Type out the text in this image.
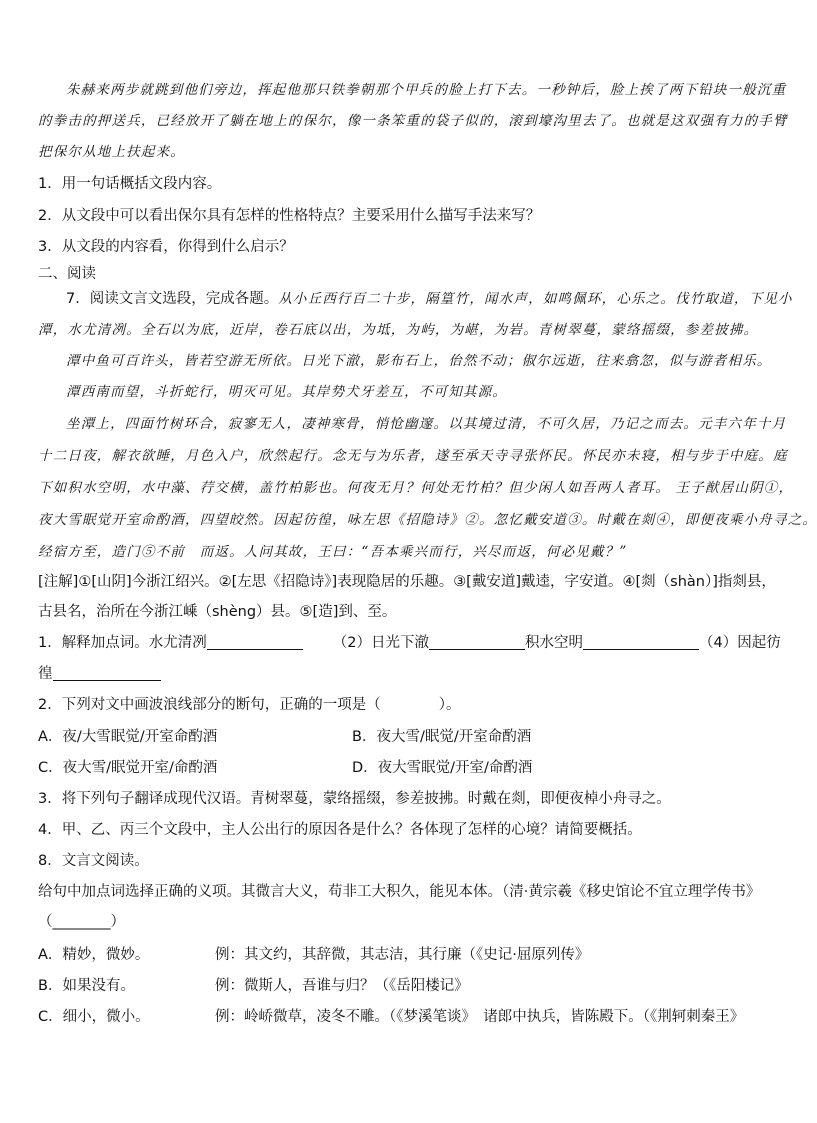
朱赫来两步就跳到他们旁边，挥起他那只铁拳朝那个甲兵的脸上打下去。一秒钟后，脸上挨了两下铅块一般沉重
的拳击的押送兵，已经放开了躺在地上的保尔，像一条笨重的袋子似的，滚到壕沟里去了。也就是这双强有力的手臂
把保尔从地上扶起来。
1．用一句话概括文段内容。
2．从文段中可以看出保尔具有怎样的性格特点？主要采用什么描写手法来写？
3．从文段的内容看，你得到什么启示？
二、阅读
7．阅读文言文选段，完成各题。从小丘西行百二十步，隔篁竹，闻水声，如鸣佩环，心乐之。伐竹取道，下见小
潭，水尤清冽。全石以为底，近岸，卷石底以出，为坻，为屿，为嵁，为岩。青树翠蔓，蒙络摇缀，参差披拂。
潭中鱼可百许头，皆若空游无所依。日光下澈，影布石上，佁然不动；俶尔远逝，往来翕忽，似与游者相乐。
潭西南而望，斗折蛇行，明灭可见。其岸势犬牙差互，不可知其源。
坐潭上，四面竹树环合，寂寥无人，凄神寒骨，悄怆幽邃。以其境过清，不可久居，乃记之而去。元丰六年十月
十二日夜，解衣欲睡，月色入户，欣然起行。念无与为乐者，遂至承天寺寻张怀民。怀民亦未寝，相与步于中庭。庭
下如积水空明，水中藻、荇交横，盖竹柏影也。何夜无月？何处无竹柏？但少闲人如吾两人者耳。 王子猷居山阴①，
夜大雪眠觉开室命酌酒，四望皎然。因起彷徨，咏左思《招隐诗》②。忽忆戴安道③。时戴在剡④，即便夜乘小舟寻之。
经宿方至，造门⑤不前　而返。人问其故，王曰：“吾本乘兴而行，兴尽而返，何必见戴？”
[注解]①[山阴]今浙江绍兴。②[左思《招隐诗》]表现隐居的乐趣。③[戴安道]戴逵，字安道。④[剡（shàn）]指剡县，
古县名，治所在今浙江嵊（shèng）县。⑤[造]到、至。
1．解释加点词。水尤清冽	（2）日光下澈	积水空明	（4）因起彷
徨
2．下列对文中画波浪线部分的断句，正确的一项是（　　　　）。
A．夜/大雪眠觉/开室命酌酒	B．夜大雪/眠觉/开室命酌酒
C．夜大雪/眠觉开室/命酌酒	D．夜大雪眠觉/开室/命酌酒
3．将下列句子翻译成现代汉语。青树翠蔓，蒙络摇缀，参差披拂。时戴在剡，即便夜棹小舟寻之。
4．甲、乙、丙三个文段中，主人公出行的原因各是什么？各体现了怎样的心境？请简要概括。
8．文言文阅读。
给句中加点词选择正确的义项。其微言大义，苟非工大积久，能见本体。（清·黄宗羲《移史馆论不宜立理学传书》
（________）
A．精妙，微妙。	例：其文约，其辞微，其志洁，其行廉（《史记·屈原列传》
B．如果没有。	例：微斯人，吾谁与归？（《岳阳楼记》
C．细小，微小。	例：岭峤微草，凌冬不雕。（《梦溪笔谈》　诸郎中执兵，皆陈殿下。（《荆轲刺秦王》
